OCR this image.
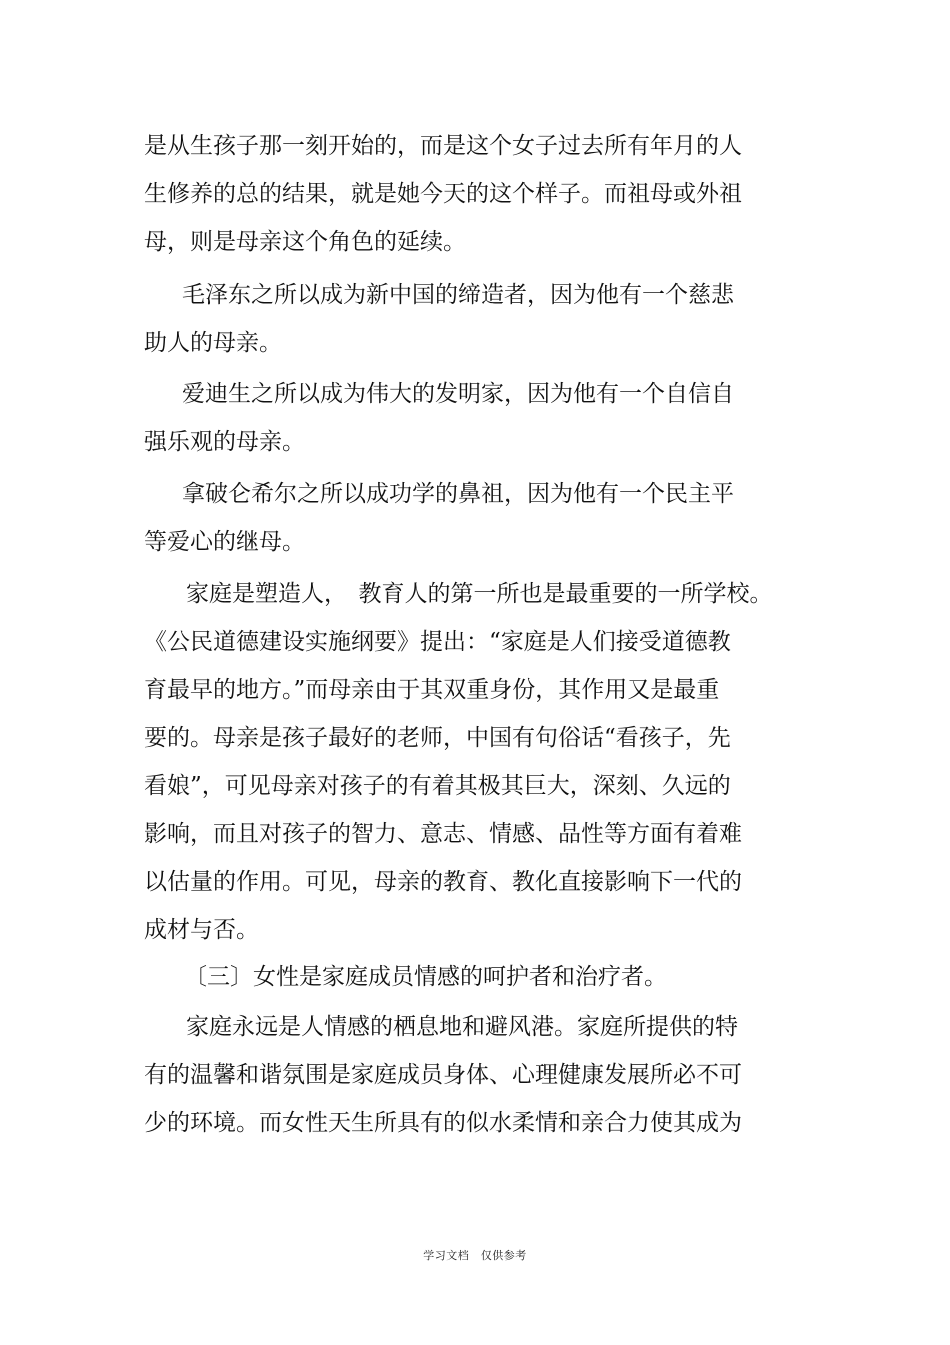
是从生孩子那一刻开始的，而是这个女子过去所有年月的人
生修养的总的结果，就是她今天的这个样子。而祖母或外祖
母，则是母亲这个角色的延续。
毛泽东之所以成为新中国的缔造者，因为他有一个慈悲
助人的母亲。
爱迪生之所以成为伟大的发明家，因为他有一个自信自
强乐观的母亲。
拿破仑希尔之所以成功学的鼻祖，因为他有一个民主平
等爱心的继母。
家庭是塑造人，　教育人的第一所也是最重要的一所学校。
《公民道德建设实施纲要》提出：“家庭是人们接受道德教
育最早的地方。”而母亲由于其双重身份，其作用又是最重
要的。母亲是孩子最好的老师，中国有句俗话“看孩子，先
看娘”，可见母亲对孩子的有着其极其巨大，深刻、久远的
影响，而且对孩子的智力、意志、情感、品性等方面有着难
以估量的作用。可见，母亲的教育、教化直接影响下一代的
成材与否。
〔三〕女性是家庭成员情感的呵护者和治疗者。
家庭永远是人情感的栖息地和避风港。家庭所提供的特
有的温馨和谐氛围是家庭成员身体、心理健康发展所必不可
少的环境。而女性天生所具有的似水柔情和亲合力使其成为
学习文档　仅供参考
